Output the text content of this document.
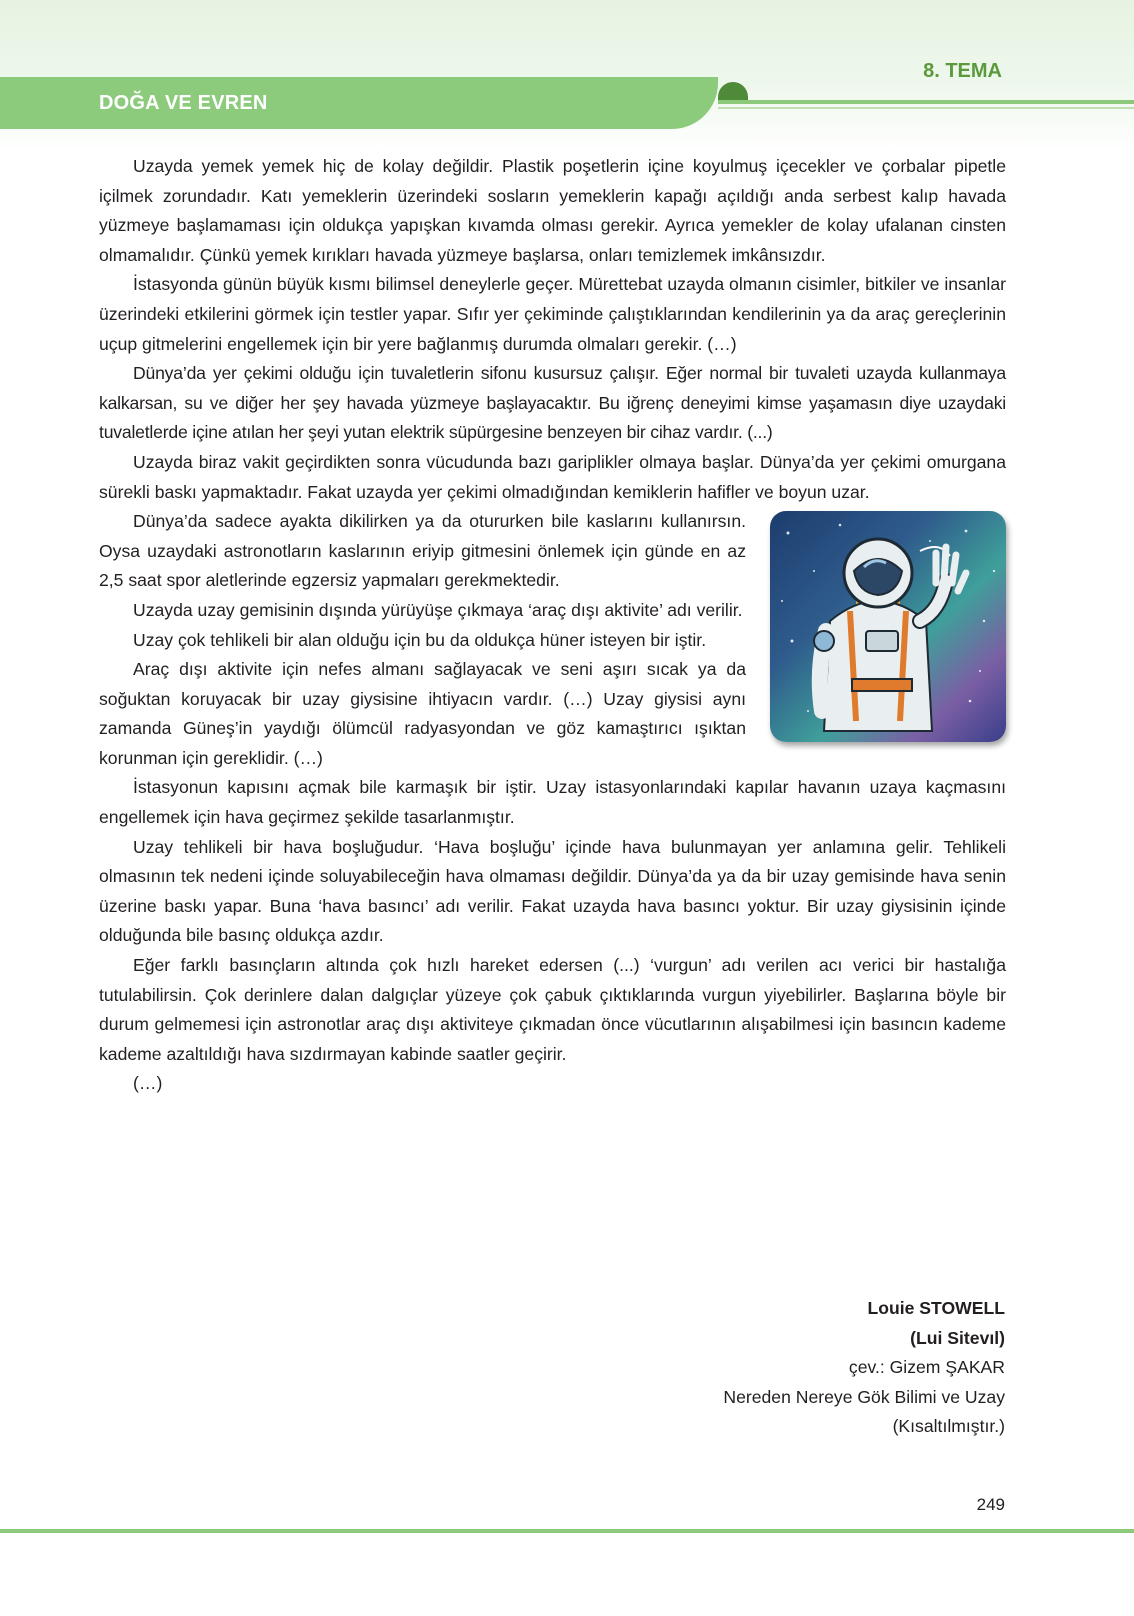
8. TEMA
DOĞA VE EVREN

Uzayda yemek yemek hiç de kolay değildir. Plastik poşetlerin içine koyulmuş içecekler ve çorbalar pipetle içilmek zorundadır. Katı yemeklerin üzerindeki sosların yemeklerin kapağı açıldığı anda serbest kalıp havada yüzmeye başlamaması için oldukça yapışkan kıvamda olması gerekir. Ayrıca yemekler de kolay ufalanan cinsten olmamalıdır. Çünkü yemek kırıkları havada yüzmeye başlarsa, onları temizlemek imkânsızdır.

İstasyonda günün büyük kısmı bilimsel deneylerle geçer. Mürettebat uzayda olmanın cisimler, bitkiler ve insanlar üzerindeki etkilerini görmek için testler yapar. Sıfır yer çekiminde çalıştıklarından kendilerinin ya da araç gereçlerinin uçup gitmelerini engellemek için bir yere bağlanmış durumda olmaları gerekir. (…)

Dünya’da yer çekimi olduğu için tuvaletlerin sifonu kusursuz çalışır. Eğer normal bir tuvaleti uzayda kullanmaya kalkarsan, su ve diğer her şey havada yüzmeye başlayacaktır. Bu iğrenç deneyimi kimse yaşamasın diye uzaydaki tuvaletlerde içine atılan her şeyi yutan elektrik süpürgesine benzeyen bir cihaz vardır. (...)

Uzayda biraz vakit geçirdikten sonra vücudunda bazı gariplikler olmaya başlar. Dünya’da yer çekimi omurgana sürekli baskı yapmaktadır. Fakat uzayda yer çekimi olmadığından kemiklerin hafifler ve boyun uzar.

Dünya’da sadece ayakta dikilirken ya da otururken bile kaslarını kullanırsın. Oysa uzaydaki astronotların kaslarının eriyip gitmesini önlemek için günde en az 2,5 saat spor aletlerinde egzersiz yapmaları gerekmektedir.

Uzayda uzay gemisinin dışında yürüyüşe çıkmaya ‘araç dışı aktivite’ adı verilir.

Uzay çok tehlikeli bir alan olduğu için bu da oldukça hüner isteyen bir iştir.

Araç dışı aktivite için nefes almanı sağlayacak ve seni aşırı sıcak ya da soğuktan koruyacak bir uzay giysisine ihtiyacın vardır. (…) Uzay giysisi aynı zamanda Güneş’in yaydığı ölümcül radyasyondan ve göz kamaştırıcı ışıktan korunman için gereklidir. (…)

İstasyonun kapısını açmak bile karmaşık bir iştir. Uzay istasyonlarındaki kapılar havanın uzaya kaçmasını engellemek için hava geçirmez şekilde tasarlanmıştır.

Uzay tehlikeli bir hava boşluğudur. ‘Hava boşluğu’ içinde hava bulunmayan yer anlamına gelir. Tehlikeli olmasının tek nedeni içinde soluyabileceğin hava olmaması değildir. Dünya’da ya da bir uzay gemisinde hava senin üzerine baskı yapar. Buna ‘hava basıncı’ adı verilir. Fakat uzayda hava basıncı yoktur. Bir uzay giysisinin içinde olduğunda bile basınç oldukça azdır.

Eğer farklı basınçların altında çok hızlı hareket edersen (...) ‘vurgun’ adı verilen acı verici bir hastalığa tutulabilirsin. Çok derinlere dalan dalgıçlar yüzeye çok çabuk çıktıklarında vurgun yiyebilirler. Başlarına böyle bir durum gelmemesi için astronotlar araç dışı aktiviteye çıkmadan önce vücutlarının alışabilmesi için basıncın kademe kademe azaltıldığı hava sızdırmayan kabinde saatler geçirir.

(…)

Louie STOWELL
(Lui Sitevıl)
çev.: Gizem ŞAKAR
Nereden Nereye Gök Bilimi ve Uzay
(Kısaltılmıştır.)
249
